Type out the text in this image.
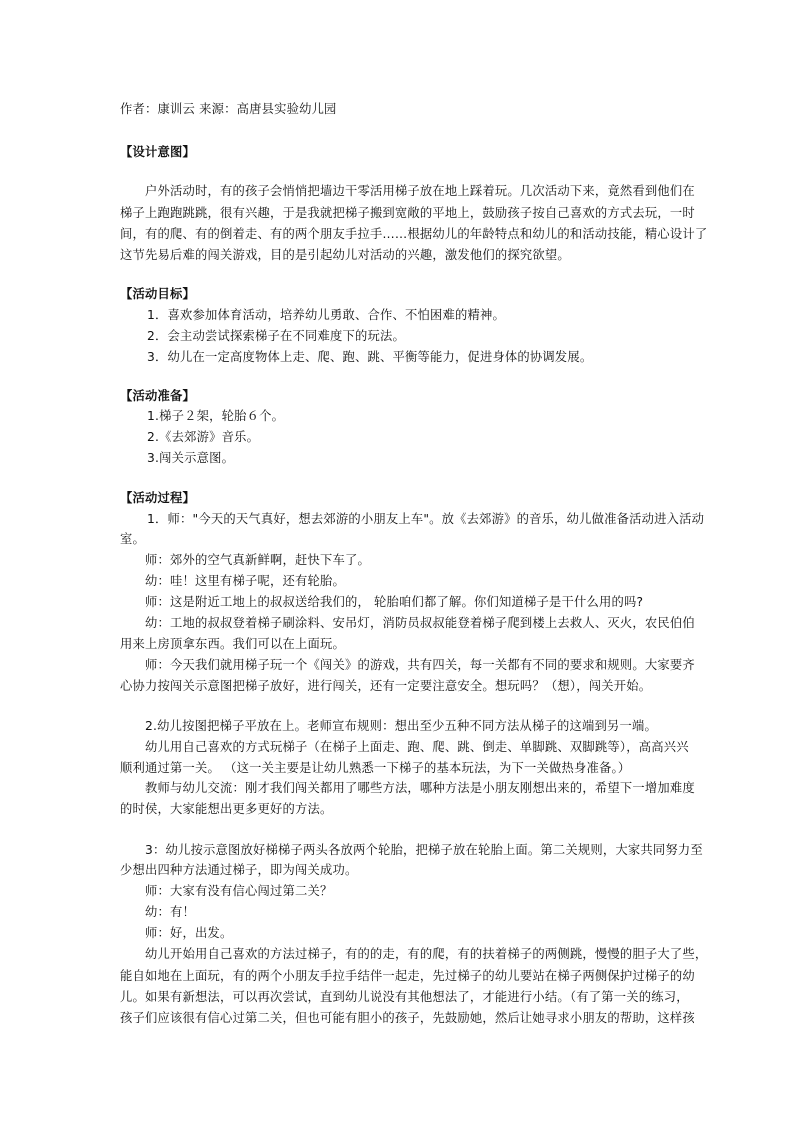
作者：康训云 来源：高唐县实验幼儿园

【设计意图】

户外活动时，有的孩子会悄悄把墙边干零活用梯子放在地上踩着玩。几次活动下来，竟然看到他们在

梯子上跑跑跳跳，很有兴趣，于是我就把梯子搬到宽敞的平地上，鼓励孩子按自己喜欢的方式去玩，一时

间，有的爬、有的倒着走、有的两个朋友手拉手……根据幼儿的年龄特点和幼儿的和活动技能，精心设计了

这节先易后难的闯关游戏，目的是引起幼儿对活动的兴趣，激发他们的探究欲望。

【活动目标】

1．喜欢参加体育活动，培养幼儿勇敢、合作、不怕困难的精神。

2．会主动尝试探索梯子在不同难度下的玩法。

3．幼儿在一定高度物体上走、爬、跑、跳、平衡等能力，促进身体的协调发展。

【活动准备】

1.梯子２架，轮胎６个。

2.《去郊游》音乐。

3.闯关示意图。

【活动过程】

1．师："今天的天气真好，想去郊游的小朋友上车"。放《去郊游》的音乐，幼儿做准备活动进入活动

室。

师：郊外的空气真新鲜啊，赶快下车了。

幼：哇！这里有梯子呢，还有轮胎。

师：这是附近工地上的叔叔送给我们的， 轮胎咱们都了解。你们知道梯子是干什么用的吗?

幼：工地的叔叔登着梯子刷涂料、安吊灯，消防员叔叔能登着梯子爬到楼上去救人、灭火，农民伯伯

用来上房顶拿东西。我们可以在上面玩。

师：今天我们就用梯子玩一个《闯关》的游戏，共有四关，每一关都有不同的要求和规则。大家要齐

心协力按闯关示意图把梯子放好，进行闯关，还有一定要注意安全。想玩吗？（想），闯关开始。

2.幼儿按图把梯子平放在上。老师宣布规则：想出至少五种不同方法从梯子的这端到另一端。

幼儿用自己喜欢的方式玩梯子（在梯子上面走、跑、爬、跳、倒走、单脚跳、双脚跳等），高高兴兴

顺利通过第一关。 （这一关主要是让幼儿熟悉一下梯子的基本玩法，为下一关做热身准备。）

教师与幼儿交流：刚才我们闯关都用了哪些方法，哪种方法是小朋友刚想出来的，希望下一增加难度

的时侯，大家能想出更多更好的方法。

3：幼儿按示意图放好梯梯子两头各放两个轮胎，把梯子放在轮胎上面。第二关规则，大家共同努力至

少想出四种方法通过梯子，即为闯关成功。

师：大家有没有信心闯过第二关？

幼：有！

师：好，出发。

幼儿开始用自己喜欢的方法过梯子，有的的走，有的爬，有的扶着梯子的两侧跳，慢慢的胆子大了些，

能自如地在上面玩，有的两个小朋友手拉手结伴一起走，先过梯子的幼儿要站在梯子两侧保护过梯子的幼

儿。如果有新想法，可以再次尝试，直到幼儿说没有其他想法了，才能进行小结。（有了第一关的练习，

孩子们应该很有信心过第二关，但也可能有胆小的孩子，先鼓励她，然后让她寻求小朋友的帮助，这样孩
